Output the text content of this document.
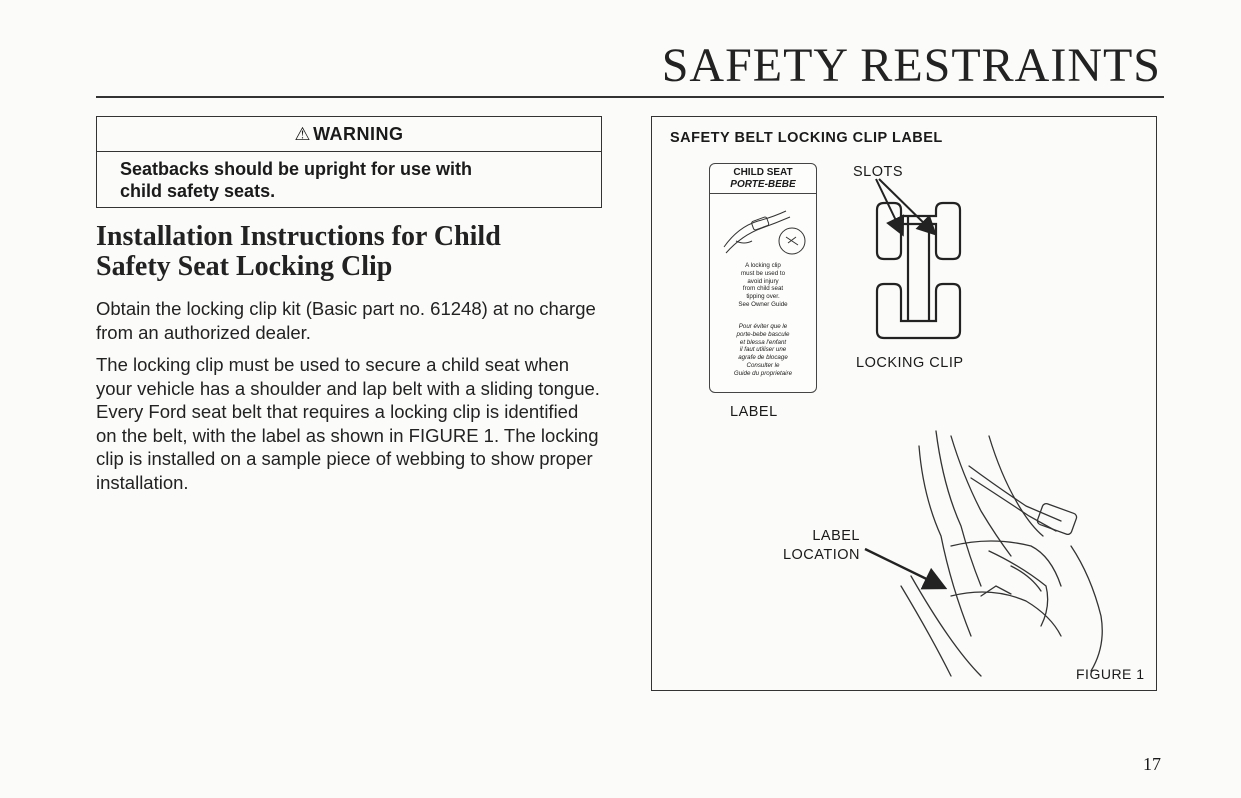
SAFETY RESTRAINTS
⚠ WARNING
Seatbacks should be upright for use with
child safety seats.
Installation Instructions for Child
Safety Seat Locking Clip

Obtain the locking clip kit (Basic part no. 61248) at no charge from an authorized dealer.

The locking clip must be used to secure a child seat when your vehicle has a shoulder and lap belt with a sliding tongue. Every Ford seat belt that requires a locking clip is identified on the belt, with the label as shown in FIGURE 1. The locking clip is installed on a sample piece of webbing to show proper installation.

SAFETY BELT LOCKING CLIP LABEL
SLOTS
LOCKING CLIP
LABEL
LABEL
LOCATION
FIGURE 1
CHILD SEAT
PORTE-BEBE
A locking clip
must be used to
avoid injury
from child seat
tipping over.
See Owner Guide
Pour éviter que le
porte-bebe bascule
et blessa l'enfant
il faut utiliser une
agrafe de blocage
Consulter le
Guide du proprietaire
17
